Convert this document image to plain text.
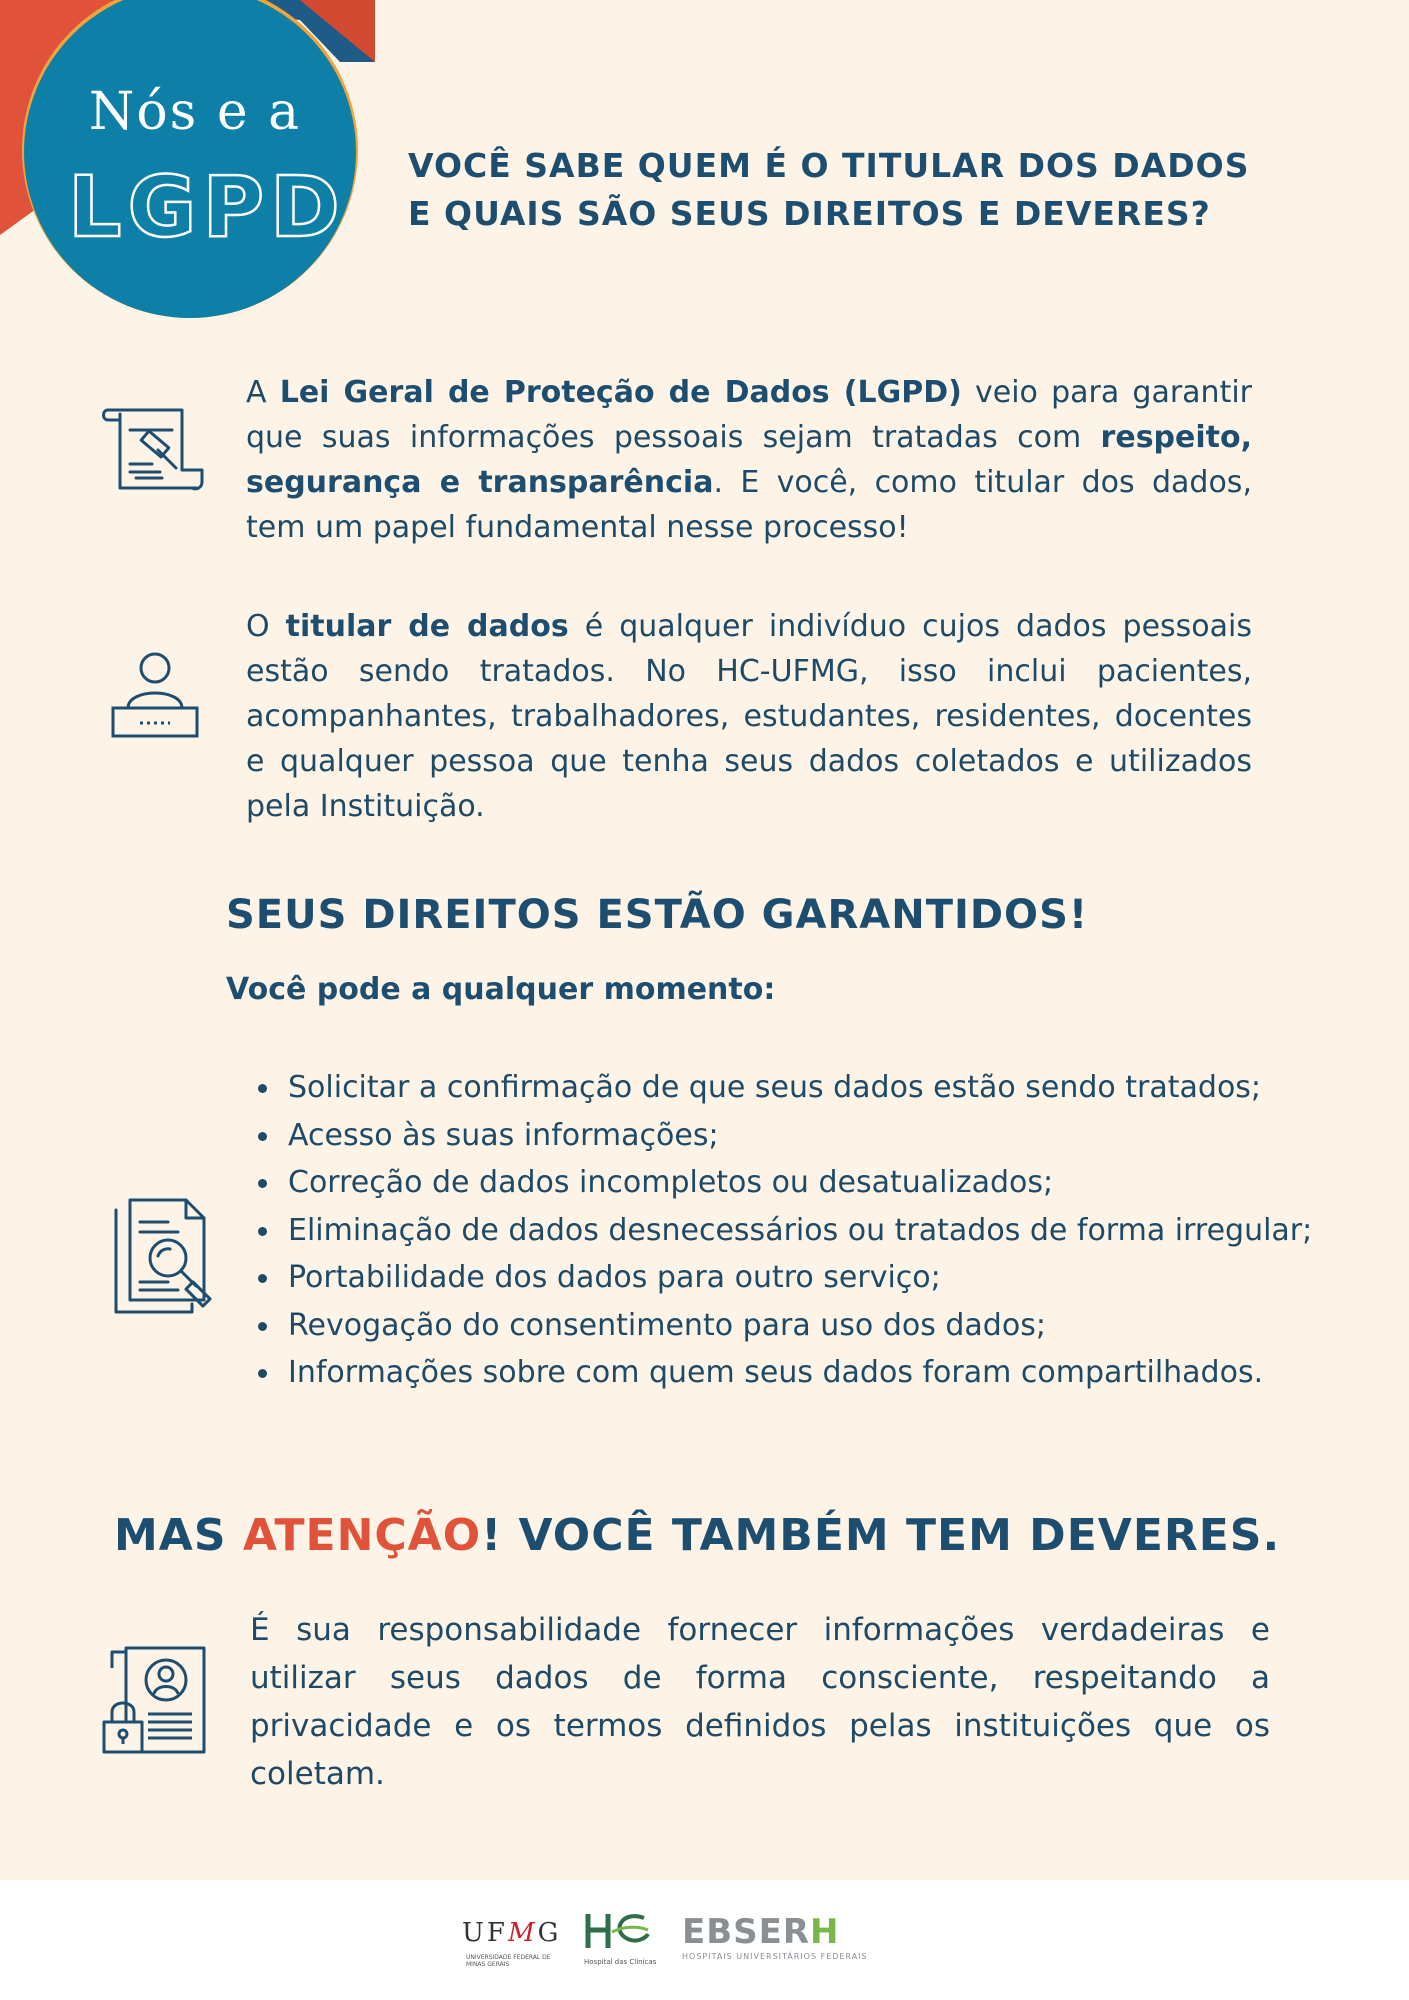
Nós e a
LGPD VOCÊ SABE QUEM É O TITULAR DOS DADOS
E QUAIS SÃO SEUS DIREITOS E DEVERES?
A Lei Geral de Proteção de Dados (LGPD) veio para garantir que suas informações pessoais sejam tratadas com respeito, segurança e transparência. E você, como titular dos dados, tem um papel fundamental nesse processo!
O titular de dados é qualquer indivíduo cujos dados pessoais estão sendo tratados. No HC-UFMG, isso inclui pacientes, acompanhantes, trabalhadores, estudantes, residentes, docentes e qualquer pessoa que tenha seus dados coletados e utilizados pela Instituição.
SEUS DIREITOS ESTÃO GARANTIDOS!
Você pode a qualquer momento:
• Solicitar a confirmação de que seus dados estão sendo tratados;
• Acesso às suas informações;
• Correção de dados incompletos ou desatualizados;
• Eliminação de dados desnecessários ou tratados de forma irregular;
• Portabilidade dos dados para outro serviço;
• Revogação do consentimento para uso dos dados;
• Informações sobre com quem seus dados foram compartilhados.
MAS ATENÇÃO! VOCÊ TAMBÉM TEM DEVERES.
É sua responsabilidade fornecer informações verdadeiras e utilizar seus dados de forma consciente, respeitando a privacidade e os termos definidos pelas instituições que os coletam.
UFMG
UNIVERSIDADE FEDERAL DE MINAS GERAIS	Hospital das Clínicas
EBSERH
HOSPITAIS UNIVERSITÁRIOS FEDERAIS
